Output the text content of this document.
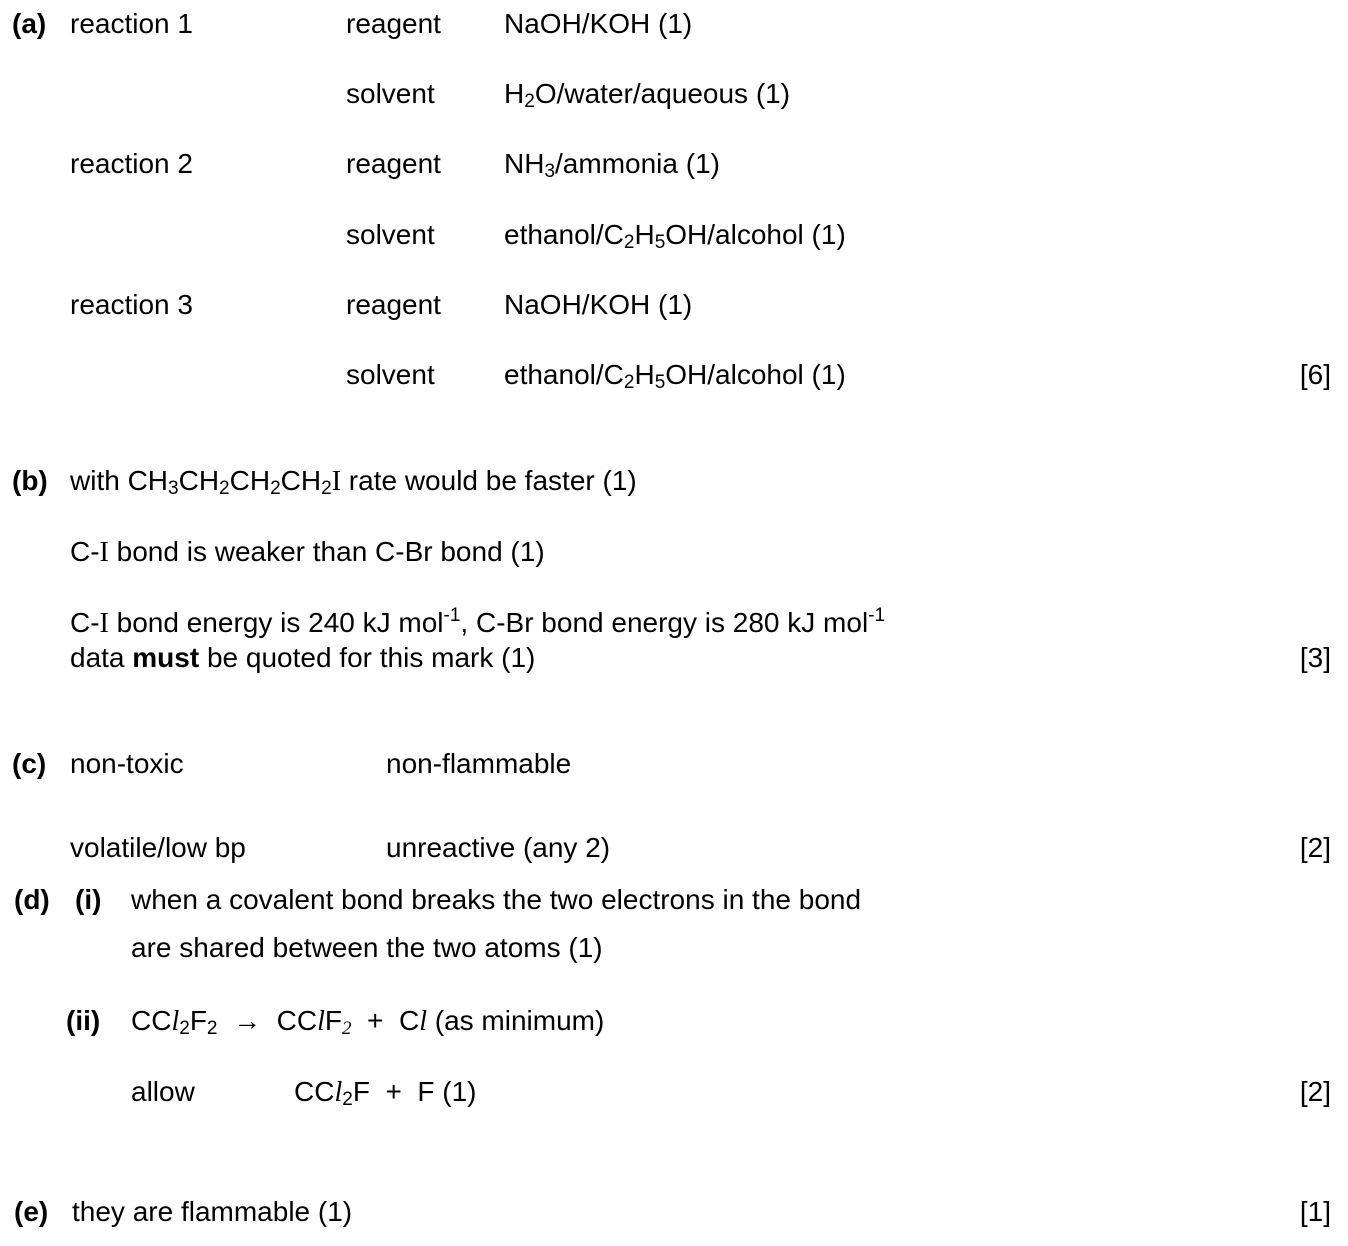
(a) reaction 1	reagent NaOH/KOH (1)
solvent $H_2O/water$/aqueous (1)
reaction 2	reagent $NH_3$/ammonia (1)
solvent ethanol/$C_2H_5OH$/alcohol (1)
reaction 3	reagent NaOH/KOH (1)
solvent ethanol/$C_2H_5OH$/alcohol (1)	[6]
(b) with $CH_3CH_2CH_2CH_2I$ rate would be faster (1)
C-I bond is weaker than C-Br bond (1)
C-I bond energy is 240 kJ mol$^{-1}$, C-Br bond energy is 280 kJ mol$^{-1}$
data must be quoted for this mark (1)	[3]
(c) non-toxic	non-flammable
volatile/low bp	unreactive (any 2)	[2]
(d) (i) when a covalent bond breaks the two electrons in the bond
are shared between the two atoms (1)
(ii) $CCl_2F_2$ → CClF$_2$ + Cl (as minimum)
allow	CCl$_2$F  +  F (1)	[2]
(e) they are flammable (1)	[1]
